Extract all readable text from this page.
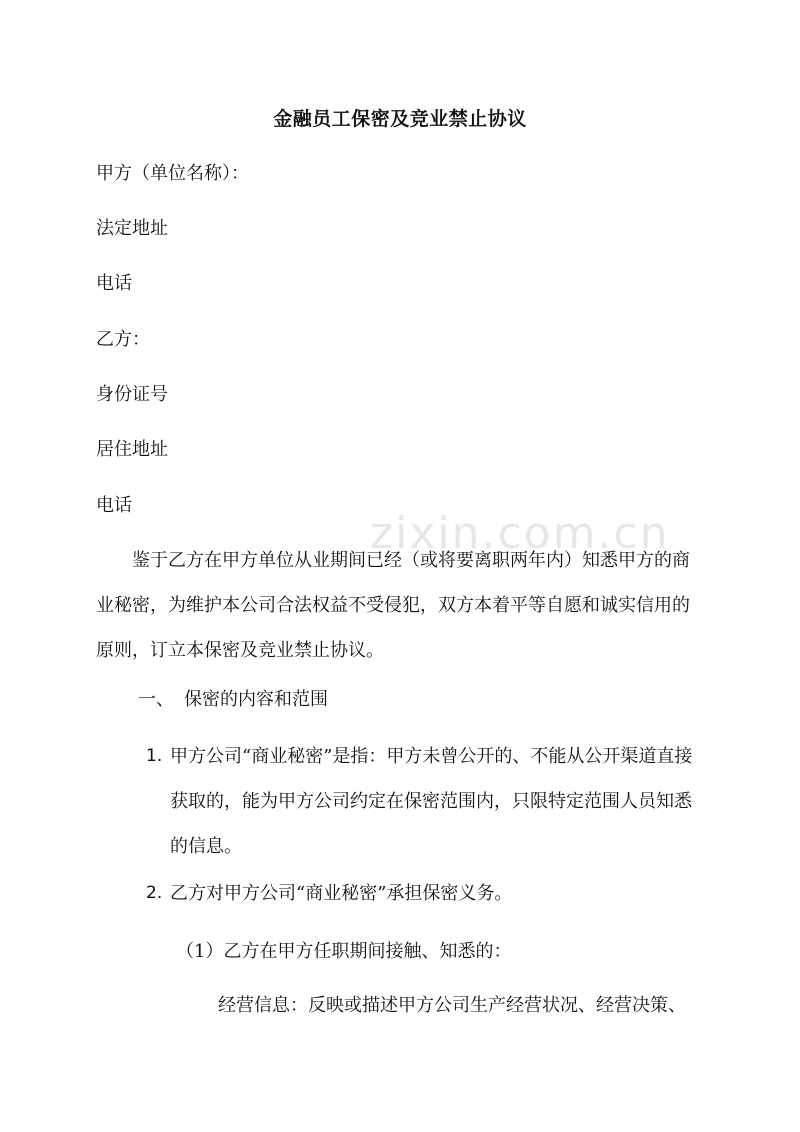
金融员工保密及竞业禁止协议
甲方（单位名称）：
法定地址
电话
乙方：
身份证号
居住地址
电话
鉴于乙方在甲方单位从业期间已经（或将要离职两年内）知悉甲方的商业秘密，为维护本公司合法权益不受侵犯，双方本着平等自愿和诚实信用的原则，订立本保密及竞业禁止协议。
一、 保密的内容和范围
1. 甲方公司“商业秘密”是指：甲方未曾公开的、不能从公开渠道直接获取的，能为甲方公司约定在保密范围内，只限特定范围人员知悉的信息。
2. 乙方对甲方公司“商业秘密”承担保密义务。
（1）乙方在甲方任职期间接触、知悉的：
经营信息：反映或描述甲方公司生产经营状况、经营决策、
zixin.com.cn
